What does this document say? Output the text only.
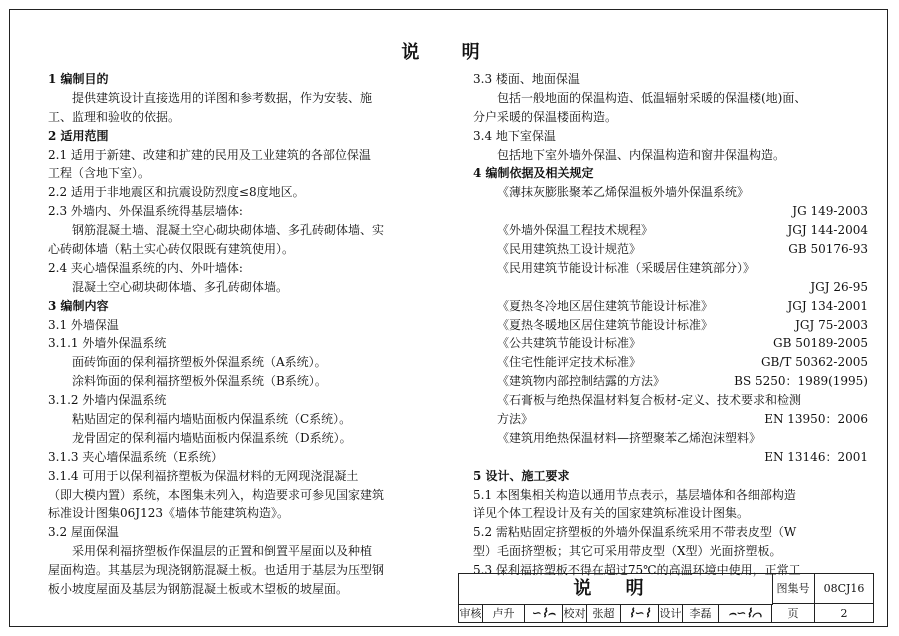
说 明
1 编制目的
提供建筑设计直接选用的详图和参考数据，作为安装、施
工、监理和验收的依据。
2 适用范围
2.1 适用于新建、改建和扩建的民用及工业建筑的各部位保温
工程（含地下室）。
2.2 适用于非地震区和抗震设防烈度≤8度地区。
2.3 外墙内、外保温系统得基层墙体:
钢筋混凝土墙、混凝土空心砌块砌体墙、多孔砖砌体墙、实
心砖砌体墙（粘土实心砖仅限既有建筑使用）。
2.4 夹心墙保温系统的内、外叶墙体:
混凝土空心砌块砌体墙、多孔砖砌体墙。
3 编制内容
3.1 外墙保温
3.1.1 外墙外保温系统
面砖饰面的保利福挤塑板外保温系统（A系统）。
涂料饰面的保利福挤塑板外保温系统（B系统）。
3.1.2 外墙内保温系统
粘贴固定的保利福内墙贴面板内保温系统（C系统）。
龙骨固定的保利福内墙贴面板内保温系统（D系统）。
3.1.3 夹心墙保温系统（E系统）
3.1.4 可用于以保利福挤塑板为保温材料的无网现浇混凝土
（即大模内置）系统，本图集未列入，构造要求可参见国家建筑
标准设计图集06J123《墙体节能建筑构造》。
3.2 屋面保温
采用保利福挤塑板作保温层的正置和倒置平屋面以及种植
屋面构造。其基层为现浇钢筋混凝土板。也适用于基层为压型钢
板小坡度屋面及基层为钢筋混凝土板或木望板的坡屋面。
3.3 楼面、地面保温
包括一般地面的保温构造、低温辐射采暖的保温楼(地)面、
分户采暖的保温楼面构造。
3.4 地下室保温
包括地下室外墙外保温、内保温构造和窗井保温构造。
4 编制依据及相关规定
《薄抹灰膨胀聚苯乙烯保温板外墙外保温系统》
JG 149-2003
《外墙外保温工程技术规程》	JGJ 144-2004
《民用建筑热工设计规范》	GB 50176-93
《民用建筑节能设计标准（采暖居住建筑部分）》
JGJ 26-95
《夏热冬冷地区居住建筑节能设计标准》	JGJ 134-2001
《夏热冬暖地区居住建筑节能设计标准》	JGJ 75-2003
《公共建筑节能设计标准》	GB 50189-2005
《住宅性能评定技术标准》	GB/T 50362-2005
《建筑物内部控制结露的方法》	BS 5250：1989(1995)
《石膏板与绝热保温材料复合板材-定义、技术要求和检测
方法》	EN 13950：2006
《建筑用绝热保温材料—挤塑聚苯乙烯泡沫塑料》
EN 13146：2001
5 设计、施工要求
5.1 本图集相关构造以通用节点表示，基层墙体和各细部构造
详见个体工程设计及有关的国家建筑标准设计图集。
5.2 需粘贴固定挤塑板的外墙外保温系统采用不带表皮型（W
型）毛面挤塑板；其它可采用带皮型（X型）光面挤塑板。
5.3 保利福挤塑板不得在超过75℃的高温环境中使用，正常工
说 明	图集号	08CJ16
审核	卢升	∽⌇⌢ 校对 张超	⌇∽⌇ 设计 李磊	⌢∽⌇⌒	页	2
